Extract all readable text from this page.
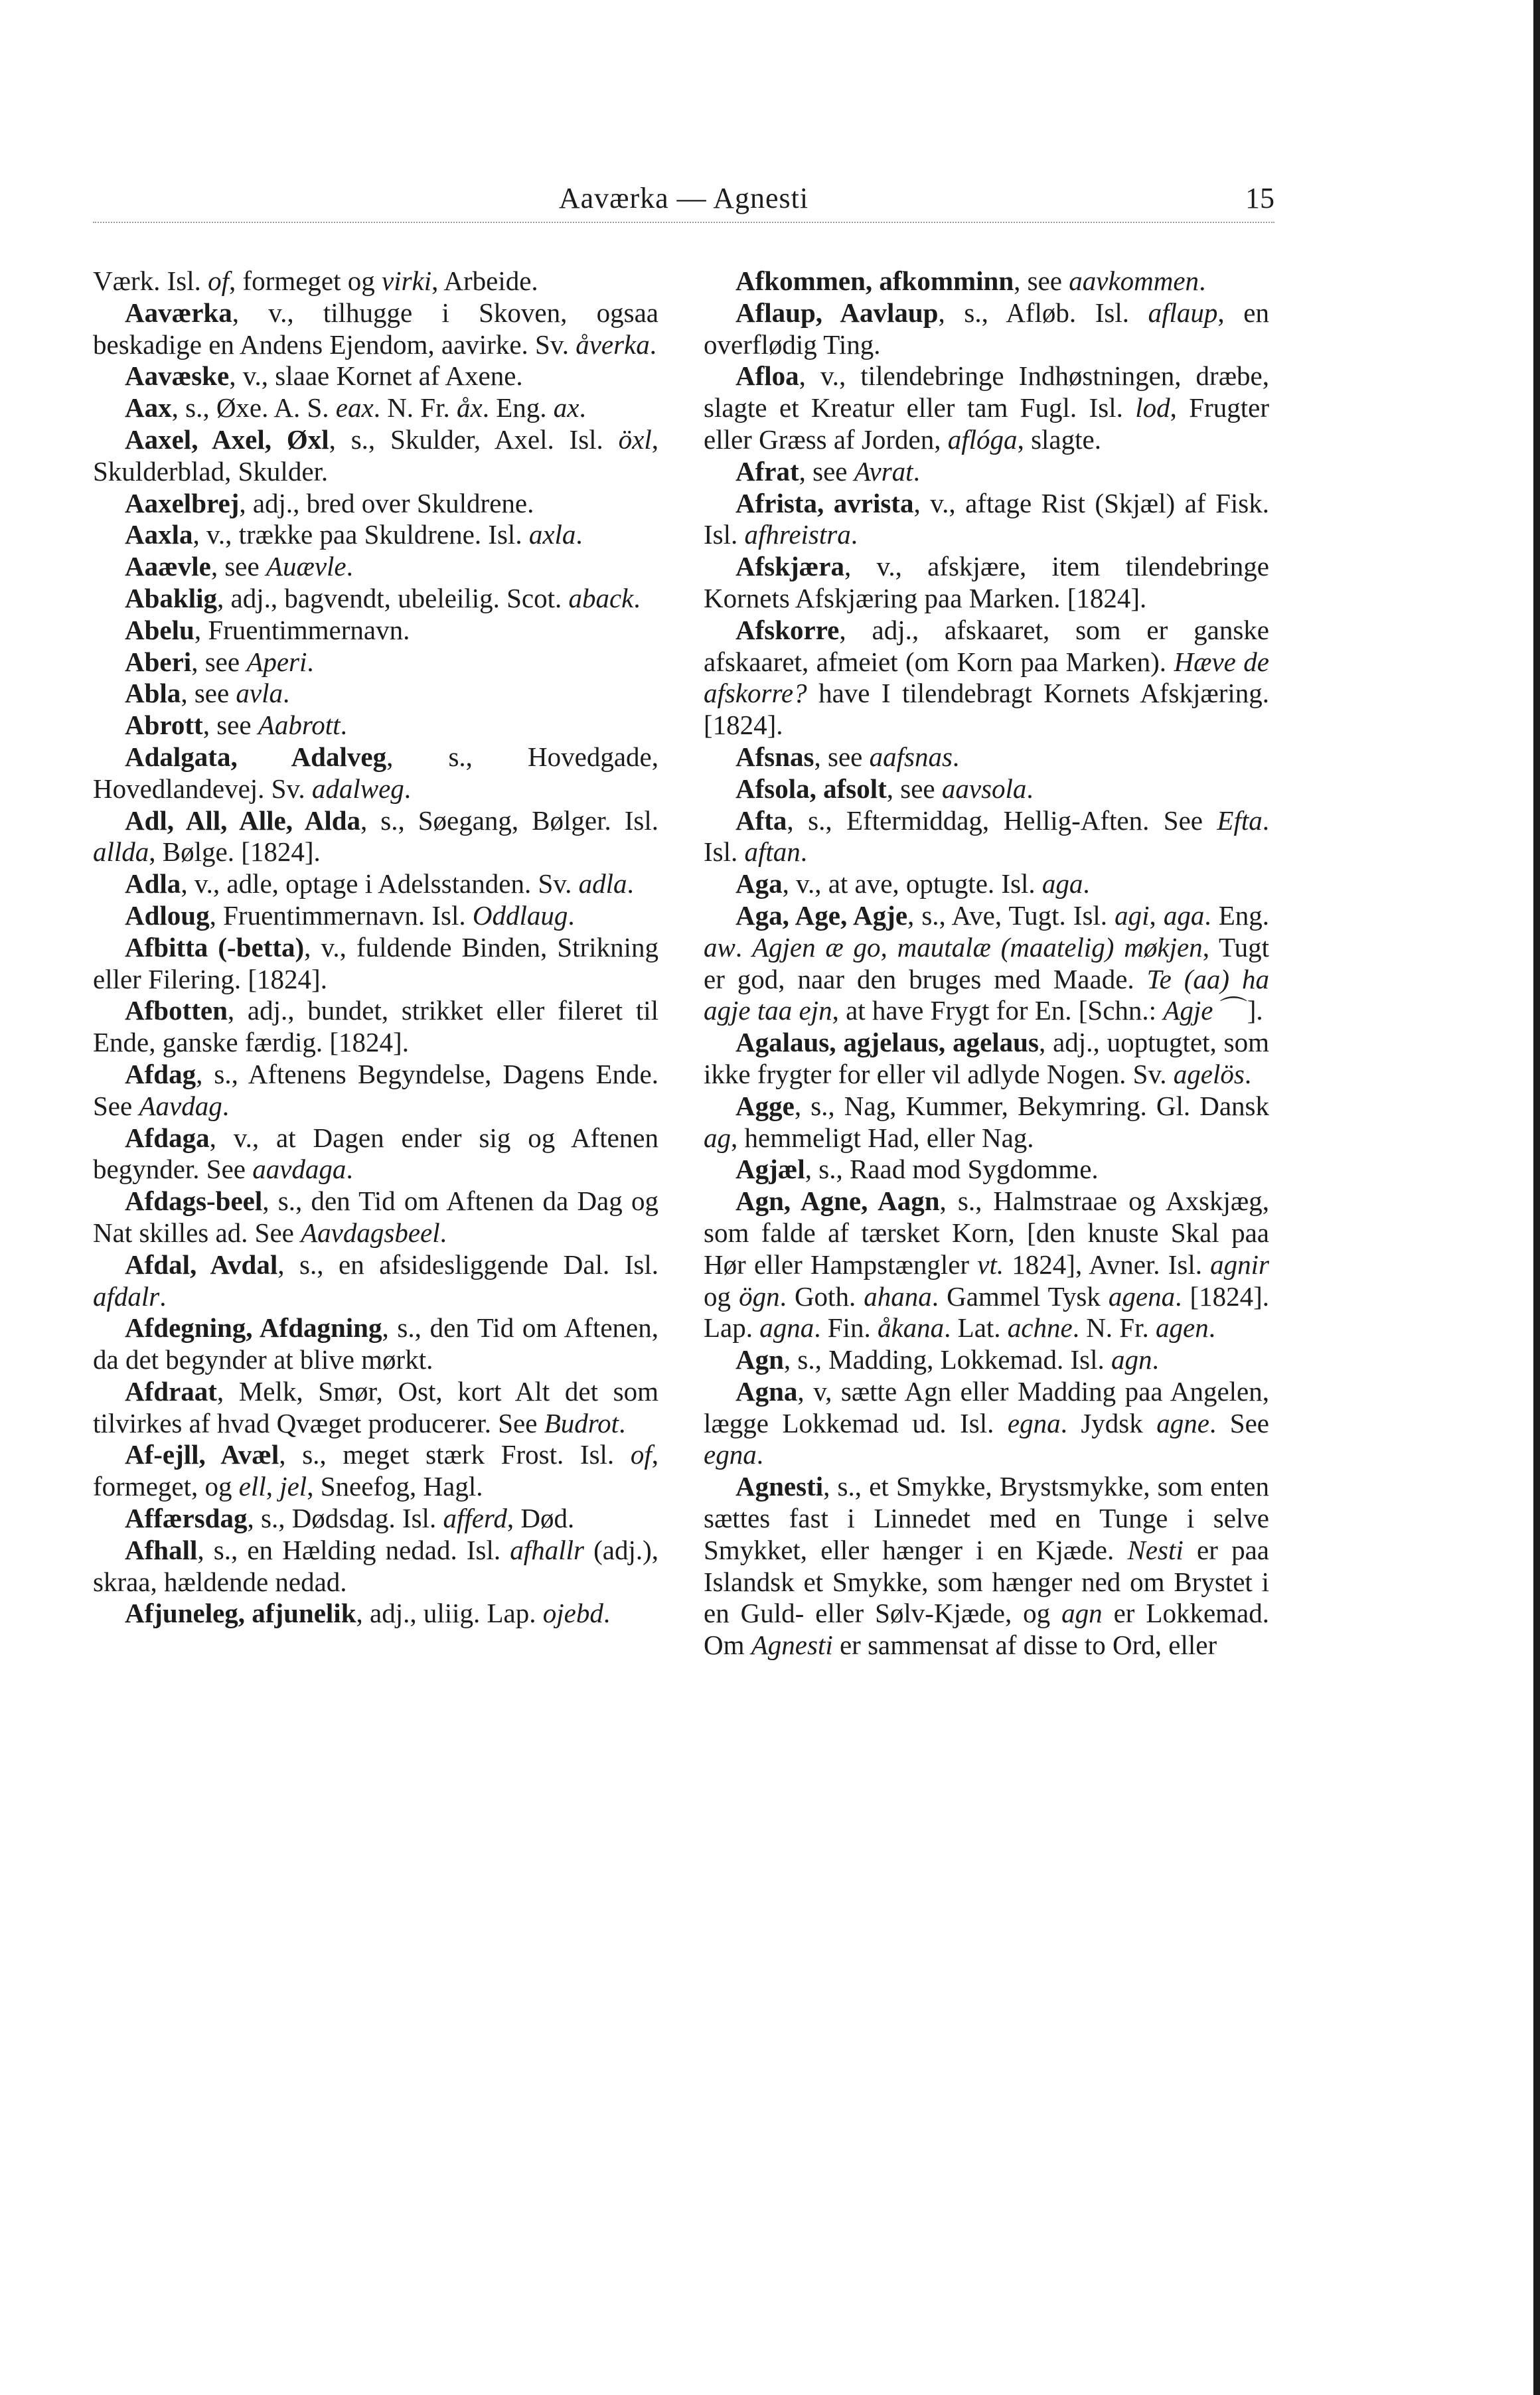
Aaværka — Agnesti	15

Værk. Isl. of, formeget og virki, Arbeide.

Aaværka, v., tilhugge i Skoven, ogsaa beskadige en Andens Ejendom, aavirke. Sv. åverka.

Aavæske, v., slaae Kornet af Axene.

Aax, s., Øxe. A. S. eax. N. Fr. åx. Eng. ax.

Aaxel, Axel, Øxl, s., Skulder, Axel. Isl. öxl, Skulderblad, Skulder.

Aaxelbrej, adj., bred over Skuldrene.

Aaxla, v., trække paa Skuldrene. Isl. axla.

Aaævle, see Auævle.

Abaklig, adj., bagvendt, ubeleilig. Scot. aback.

Abelu, Fruentimmernavn.

Aberi, see Aperi.

Abla, see avla.

Abrott, see Aabrott.

Adalgata, Adalveg, s., Hovedgade, Hovedlandevej. Sv. adalweg.

Adl, All, Alle, Alda, s., Søegang, Bølger. Isl. allda, Bølge. [1824].

Adla, v., adle, optage i Adelsstanden. Sv. adla.

Adloug, Fruentimmernavn. Isl. Oddlaug.

Afbitta (-betta), v., fuldende Binden, Strikning eller Filering. [1824].

Afbotten, adj., bundet, strikket eller fileret til Ende, ganske færdig. [1824].

Afdag, s., Aftenens Begyndelse, Dagens Ende. See Aavdag.

Afdaga, v., at Dagen ender sig og Aftenen begynder. See aavdaga.

Afdags-beel, s., den Tid om Aftenen da Dag og Nat skilles ad. See Aavdagsbeel.

Afdal, Avdal, s., en afsidesliggende Dal. Isl. afdalr.

Afdegning, Afdagning, s., den Tid om Aftenen, da det begynder at blive mørkt.

Afdraat, Melk, Smør, Ost, kort Alt det som tilvirkes af hvad Qvæget producerer. See Budrot.

Af-ejll, Avæl, s., meget stærk Frost. Isl. of, formeget, og ell, jel, Sneefog, Hagl.

Affærsdag, s., Dødsdag. Isl. afferd, Død.

Afhall, s., en Hælding nedad. Isl. afhallr (adj.), skraa, hældende nedad.

Afjuneleg, afjunelik, adj., uliig. Lap. ojebd.

Afkommen, afkomminn, see aavkommen.

Aflaup, Aavlaup, s., Afløb. Isl. aflaup, en overflødig Ting.

Afloa, v., tilendebringe Indhøstningen, dræbe, slagte et Kreatur eller tam Fugl. Isl. lod, Frugter eller Græss af Jorden, aflóga, slagte.

Afrat, see Avrat.

Afrista, avrista, v., aftage Rist (Skjæl) af Fisk. Isl. afhreistra.

Afskjæra, v., afskjære, item tilendebringe Kornets Afskjæring paa Marken. [1824].

Afskorre, adj., afskaaret, som er ganske afskaaret, afmeiet (om Korn paa Marken). Hæve de afskorre? have I tilendebragt Kornets Afskjæring. [1824].

Afsnas, see aafsnas.

Afsola, afsolt, see aavsola.

Afta, s., Eftermiddag, Hellig-Aften. See Efta. Isl. aftan.

Aga, v., at ave, optugte. Isl. aga.

Aga, Age, Agje, s., Ave, Tugt. Isl. agi, aga. Eng. aw. Agjen æ go, mautalæ (maatelig) møkjen, Tugt er god, naar den bruges med Maade. Te (aa) ha agje taa ejn, at have Frygt for En. [Schn.: Agje ⌒].

Agalaus, agjelaus, agelaus, adj., uoptugtet, som ikke frygter for eller vil adlyde Nogen. Sv. agelös.

Agge, s., Nag, Kummer, Bekymring. Gl. Dansk ag, hemmeligt Had, eller Nag.

Agjæl, s., Raad mod Sygdomme.

Agn, Agne, Aagn, s., Halmstraae og Axskjæg, som falde af tærsket Korn, [den knuste Skal paa Hør eller Hampstængler vt. 1824], Avner. Isl. agnir og ögn. Goth. ahana. Gammel Tysk agena. [1824]. Lap. agna. Fin. åkana. Lat. achne. N. Fr. agen.

Agn, s., Madding, Lokkemad. Isl. agn.

Agna, v, sætte Agn eller Madding paa Angelen, lægge Lokkemad ud. Isl. egna. Jydsk agne. See egna.

Agnesti, s., et Smykke, Brystsmykke, som enten sættes fast i Linnedet med en Tunge i selve Smykket, eller hænger i en Kjæde. Nesti er paa Islandsk et Smykke, som hænger ned om Brystet i en Guld- eller Sølv-Kjæde, og agn er Lokkemad. Om Agnesti er sammensat af disse to Ord, eller
